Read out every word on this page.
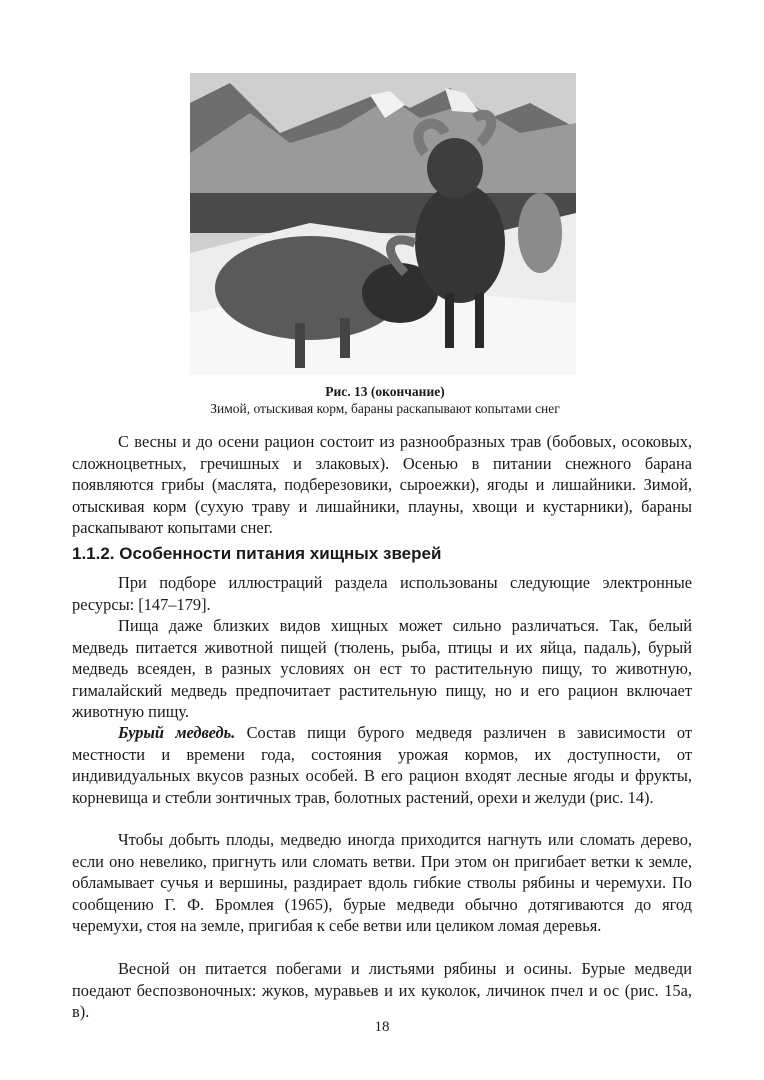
Рис. 13 (окончание)
Зимой, отыскивая корм, бараны раскапывают копытами снег

С весны и до осени рацион состоит из разнообразных трав (бобовых, осоковых, сложноцветных, гречишных и злаковых). Осенью в питании снежного барана появляются грибы (маслята, подберезовики, сыроежки), ягоды и лишайники. Зимой, отыскивая корм (сухую траву и лишайники, плауны, хвощи и кустарники), бараны раскапывают копытами снег.

1.1.2. Особенности питания хищных зверей

При подборе иллюстраций раздела использованы следующие электронные ресурсы: [147–179].

Пища даже близких видов хищных может сильно различаться. Так, белый медведь питается животной пищей (тюлень, рыба, птицы и их яйца, падаль), бурый медведь всеяден, в разных условиях он ест то растительную пищу, то животную, гималайский медведь предпочитает растительную пищу, но и его рацион включает животную пищу.

Бурый медведь. Состав пищи бурого медведя различен в зависимости от местности и времени года, состояния урожая кормов, их доступности, от индивидуальных вкусов разных особей. В его рацион входят лесные ягоды и фрукты, корневища и стебли зонтичных трав, болотных растений, орехи и желуди (рис. 14).

Чтобы добыть плоды, медведю иногда приходится нагнуть или сломать дерево, если оно невелико, пригнуть или сломать ветви. При этом он пригибает ветки к земле, обламывает сучья и вершины, раздирает вдоль гибкие стволы рябины и черемухи. По сообщению Г. Ф. Бромлея (1965), бурые медведи обычно дотягиваются до ягод черемухи, стоя на земле, пригибая к себе ветви или целиком ломая деревья.

Весной он питается побегами и листьями рябины и осины. Бурые медведи поедают беспозвоночных: жуков, муравьев и их куколок, личинок пчел и ос (рис. 15а, в).

18
